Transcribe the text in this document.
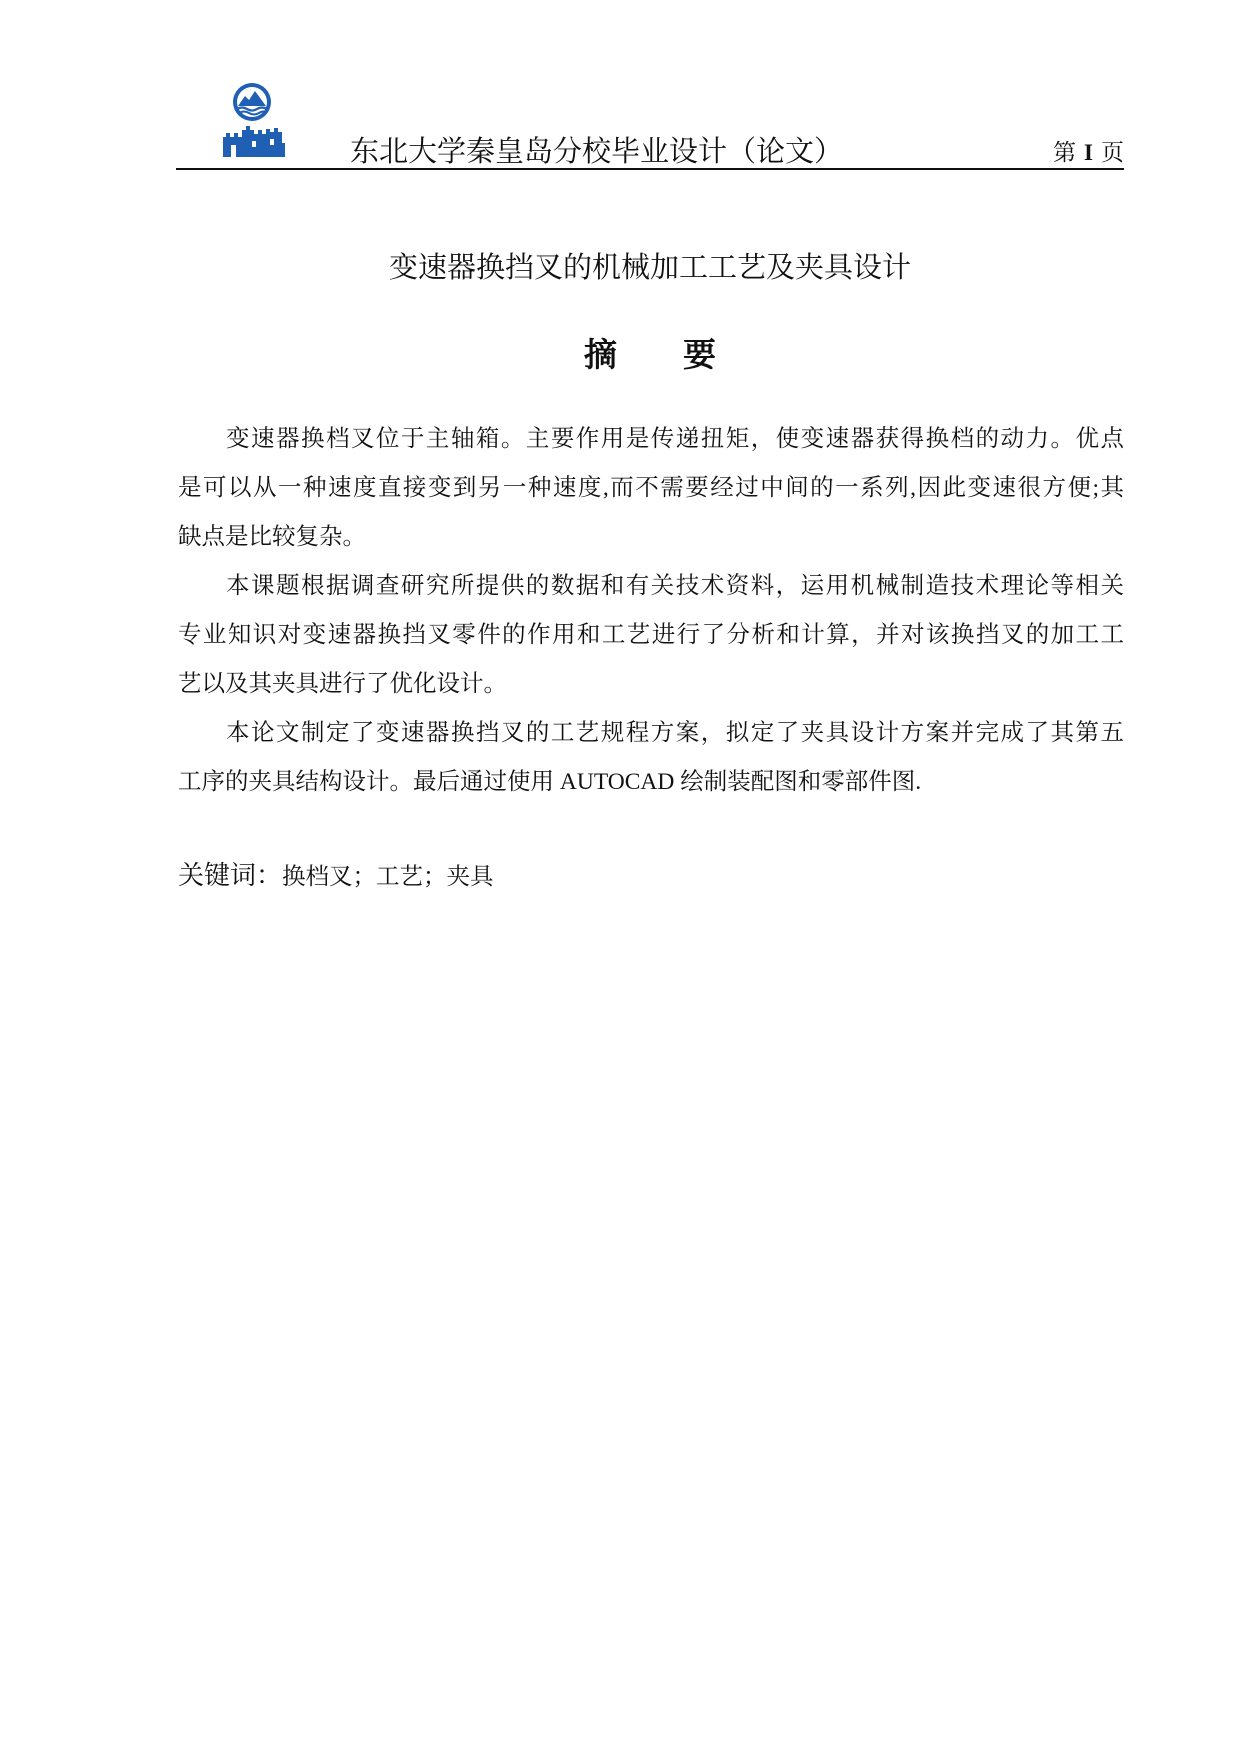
东北大学秦皇岛分校毕业设计（论文）	第 I 页
变速器换挡叉的机械加工工艺及夹具设计
摘　　要
变速器换档叉位于主轴箱。主要作用是传递扭矩，使变速器获得换档的动力。优点
是可以从一种速度直接变到另一种速度,而不需要经过中间的一系列,因此变速很方便;其
缺点是比较复杂。
本课题根据调查研究所提供的数据和有关技术资料，运用机械制造技术理论等相关
专业知识对变速器换挡叉零件的作用和工艺进行了分析和计算，并对该换挡叉的加工工
艺以及其夹具进行了优化设计。
本论文制定了变速器换挡叉的工艺规程方案，拟定了夹具设计方案并完成了其第五
工序的夹具结构设计。最后通过使用 AUTOCAD 绘制装配图和零部件图.
关键词：换档叉；工艺；夹具
